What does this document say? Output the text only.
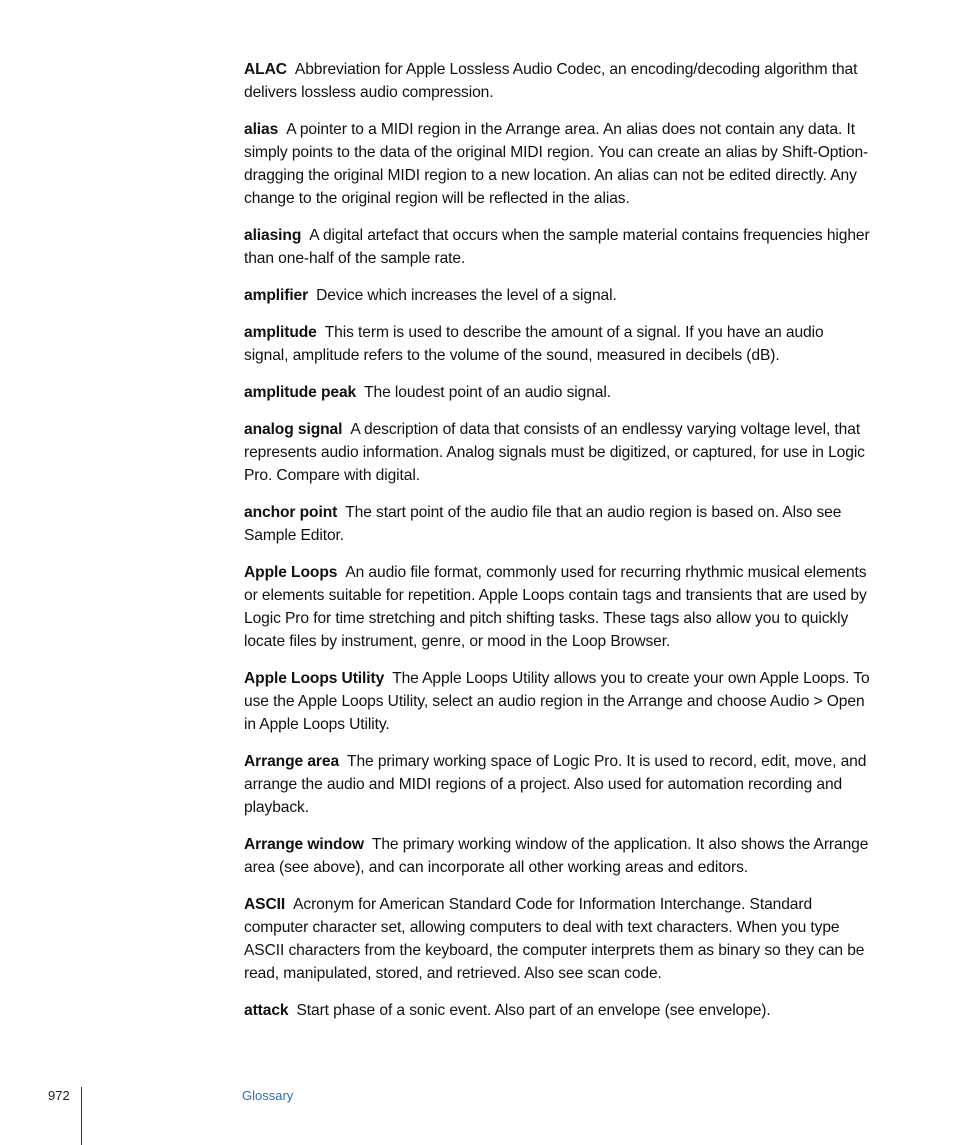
ALAC Abbreviation for Apple Lossless Audio Codec, an encoding/decoding algorithm that delivers lossless audio compression.

alias A pointer to a MIDI region in the Arrange area. An alias does not contain any data. It simply points to the data of the original MIDI region. You can create an alias by Shift-Option-dragging the original MIDI region to a new location. An alias can not be edited directly. Any change to the original region will be reflected in the alias.

aliasing A digital artefact that occurs when the sample material contains frequencies higher than one-half of the sample rate.

amplifier Device which increases the level of a signal.

amplitude This term is used to describe the amount of a signal. If you have an audio signal, amplitude refers to the volume of the sound, measured in decibels (dB).

amplitude peak The loudest point of an audio signal.

analog signal A description of data that consists of an endlessy varying voltage level, that represents audio information. Analog signals must be digitized, or captured, for use in Logic Pro. Compare with digital.

anchor point The start point of the audio file that an audio region is based on. Also see Sample Editor.

Apple Loops An audio file format, commonly used for recurring rhythmic musical elements or elements suitable for repetition. Apple Loops contain tags and transients that are used by Logic Pro for time stretching and pitch shifting tasks. These tags also allow you to quickly locate files by instrument, genre, or mood in the Loop Browser.

Apple Loops Utility The Apple Loops Utility allows you to create your own Apple Loops. To use the Apple Loops Utility, select an audio region in the Arrange and choose Audio > Open in Apple Loops Utility.

Arrange area The primary working space of Logic Pro. It is used to record, edit, move, and arrange the audio and MIDI regions of a project. Also used for automation recording and playback.

Arrange window The primary working window of the application. It also shows the Arrange area (see above), and can incorporate all other working areas and editors.

ASCII Acronym for American Standard Code for Information Interchange. Standard computer character set, allowing computers to deal with text characters. When you type ASCII characters from the keyboard, the computer interprets them as binary so they can be read, manipulated, stored, and retrieved. Also see scan code.

attack Start phase of a sonic event. Also part of an envelope (see envelope).

972	Glossary
